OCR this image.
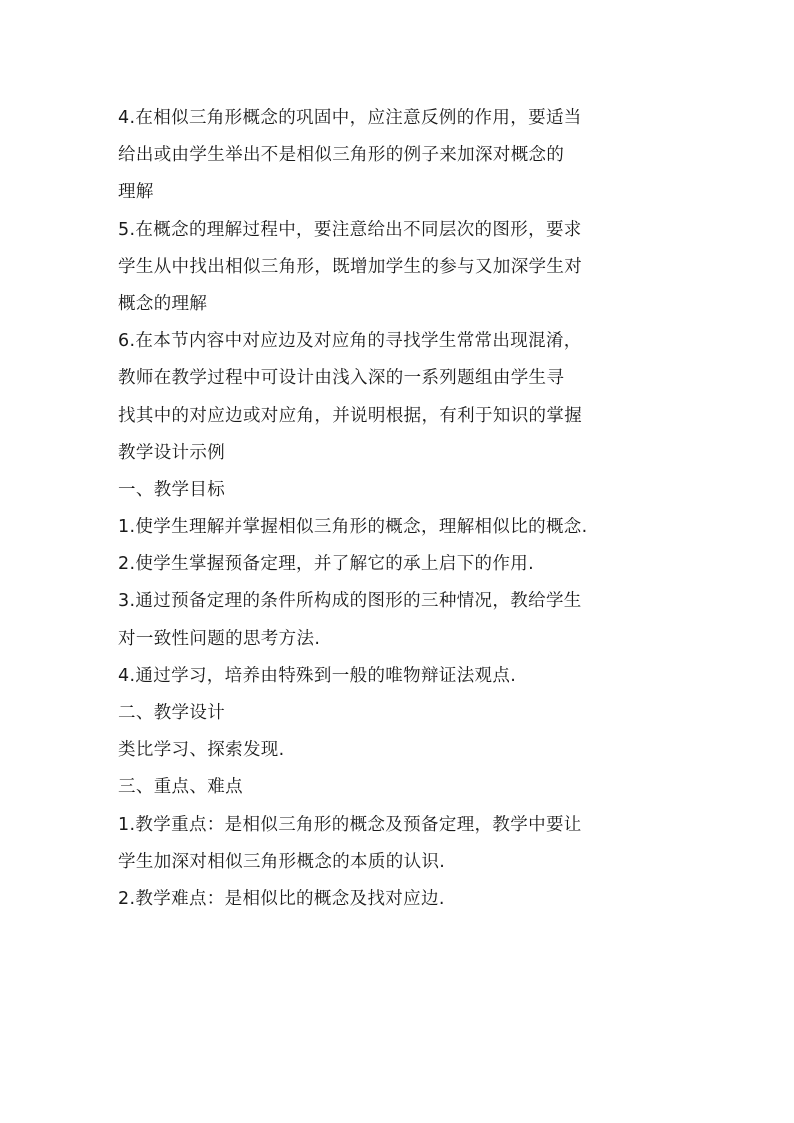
4.在相似三角形概念的巩固中，应注意反例的作用，要适当
给出或由学生举出不是相似三角形的例子来加深对概念的
理解
5.在概念的理解过程中，要注意给出不同层次的图形，要求
学生从中找出相似三角形，既增加学生的参与又加深学生对
概念的理解
6.在本节内容中对应边及对应角的寻找学生常常出现混淆，
教师在教学过程中可设计由浅入深的一系列题组由学生寻
找其中的对应边或对应角，并说明根据，有利于知识的掌握
教学设计示例
一、教学目标
1.使学生理解并掌握相似三角形的概念，理解相似比的概念.
2.使学生掌握预备定理，并了解它的承上启下的作用.
3.通过预备定理的条件所构成的图形的三种情况，教给学生
对一致性问题的思考方法.
4.通过学习，培养由特殊到一般的唯物辩证法观点.
二、教学设计
类比学习、探索发现.
三、重点、难点
1.教学重点：是相似三角形的概念及预备定理，教学中要让
学生加深对相似三角形概念的本质的认识.
2.教学难点：是相似比的概念及找对应边.
